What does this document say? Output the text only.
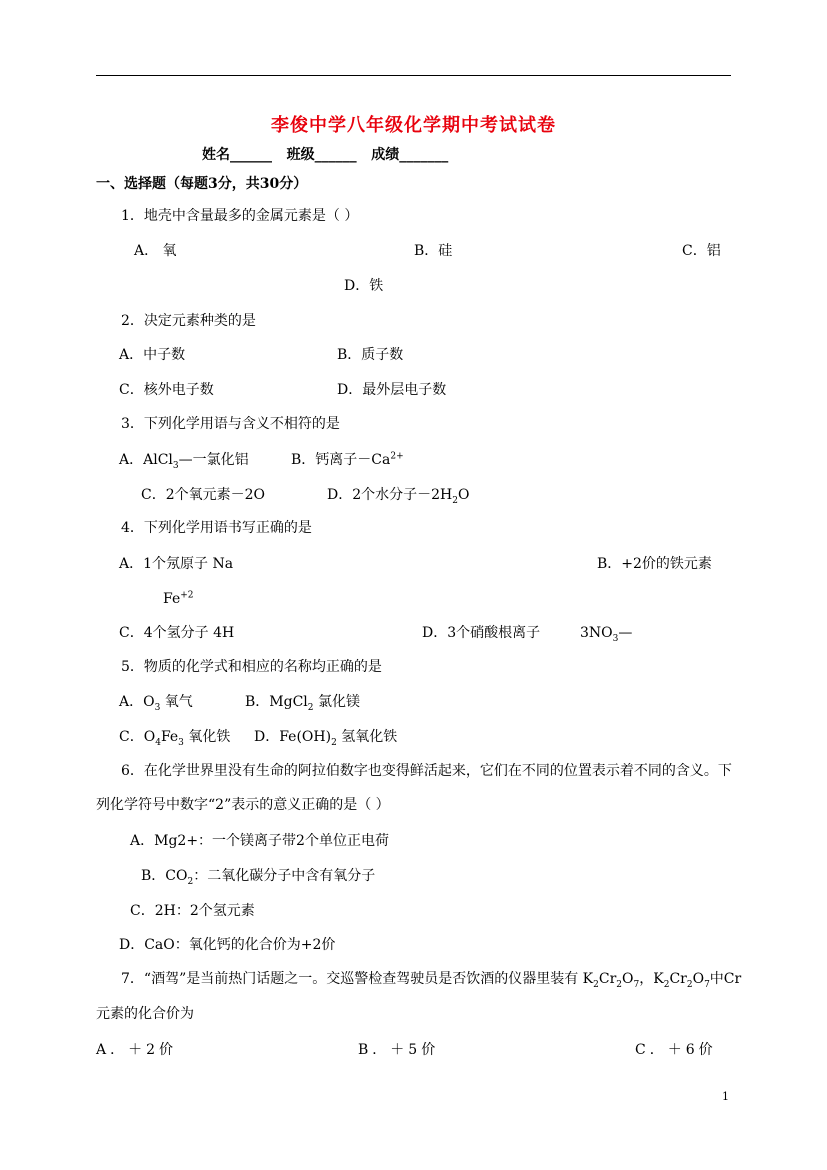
李俊中学八年级化学期中考试试卷
姓名______ 班级______ 成绩_______
一、选择题（每题3分，共30分）
1．地壳中含量最多的金属元素是（ ）
A． 氧	B．硅	C．铝
D．铁
2．决定元素种类的是
A．中子数	B．质子数
C．核外电子数	D．最外层电子数
3．下列化学用语与含义不相符的是
A．AlCl$_3$—一氯化铝	B．钙离子$-Ca^{2+}$
C．2个氧元素－2O	D．2个水分子$-2H_2O$
4．下列化学用语书写正确的是
A．1个氖原子 Na	B．+2价的铁元素
$Fe^{+2}$
C．4个氢分子 4H	D．3个硝酸根离子	$3NO_3—$
5．物质的化学式和相应的名称均正确的是
A．$O_3$ 氧气	B．MgCl$_2$ 氯化镁
C．$O_4Fe_3$ 氧化铁 D．$Fe(OH)_2$ 氢氧化铁
6．在化学世界里没有生命的阿拉伯数字也变得鲜活起来，它们在不同的位置表示着不同的含义。下
列化学符号中数字“2”表示的意义正确的是（ ）
A．Mg2+：一个镁离子带2个单位正电荷
B．$CO_2$：二氧化碳分子中含有氧分子
C．2H：2个氢元素
D．CaO：氧化钙的化合价为+2价
7．“酒驾”是当前热门话题之一。交巡警检查驾驶员是否饮酒的仪器里装有 $K_2Cr_2O_7$，$K_2Cr_2O_7$中Cr
元素的化合价为
A．＋2价	B．＋5价	C．＋6价
1
